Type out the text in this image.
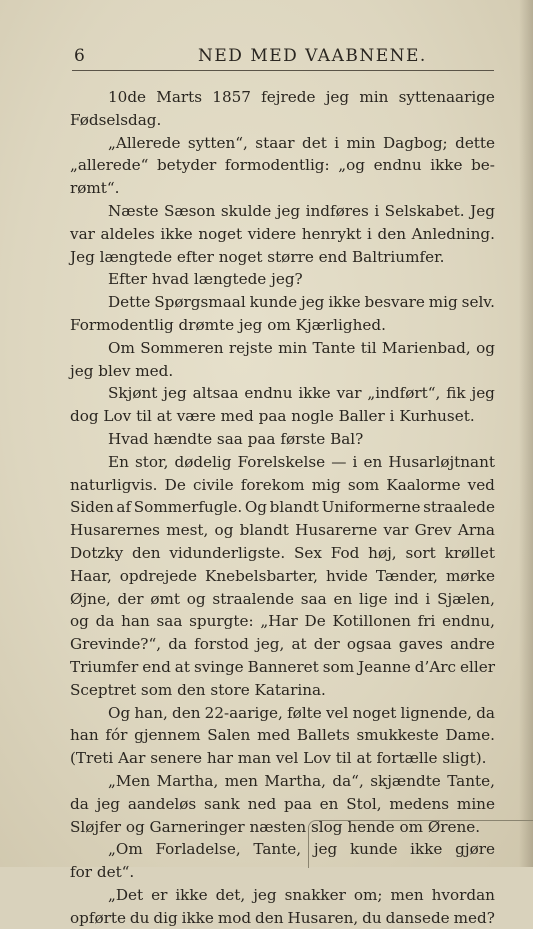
6	NED MED VAABNENE.
10de Marts 1857 fejrede jeg min syttenaarige
Fødselsdag.
„Allerede sytten“, staar det i min Dagbog; dette
„allerede“ betyder formodentlig: „og endnu ikke be-
rømt“.
Næste Sæson skulde jeg indføres i Selskabet. Jeg
var aldeles ikke noget videre henrykt i den Anledning.
Jeg længtede efter noget større end Baltriumfer.
Efter hvad længtede jeg?
Dette Spørgsmaal kunde jeg ikke besvare mig selv.
Formodentlig drømte jeg om Kjærlighed.
Om Sommeren rejste min Tante til Marienbad, og
jeg blev med.
Skjønt jeg altsaa endnu ikke var „indført“, fik jeg
dog Lov til at være med paa nogle Baller i Kurhuset.
Hvad hændte saa paa første Bal?
En stor, dødelig Forelskelse — i en Husarløjtnant
naturligvis. De civile forekom mig som Kaalorme ved
Siden af Sommerfugle. Og blandt Uniformerne straalede
Husarernes mest, og blandt Husarerne var Grev Arna
Dotzky den vidunderligste. Sex Fod høj, sort krøllet
Haar, opdrejede Knebelsbarter, hvide Tænder, mørke
Øjne, der ømt og straalende saa en lige ind i Sjælen,
og da han saa spurgte: „Har De Kotillonen fri endnu,
Grevinde?“, da forstod jeg, at der ogsaa gaves andre
Triumfer end at svinge Banneret som Jeanne d’Arc eller
Sceptret som den store Katarina.
Og han, den 22-aarige, følte vel noget lignende, da
han fór gjennem Salen med Ballets smukkeste Dame.
(Treti Aar senere har man vel Lov til at fortælle sligt).
„Men Martha, men Martha, da“, skjændte Tante,
da jeg aandeløs sank ned paa en Stol, medens mine
Sløjfer og Garneringer næsten slog hende om Ørene.
„Om Forladelse, Tante, jeg kunde ikke gjøre
for det“.
„Det er ikke det, jeg snakker om; men hvordan
opførte du dig ikke mod den Husaren, du dansede med?
